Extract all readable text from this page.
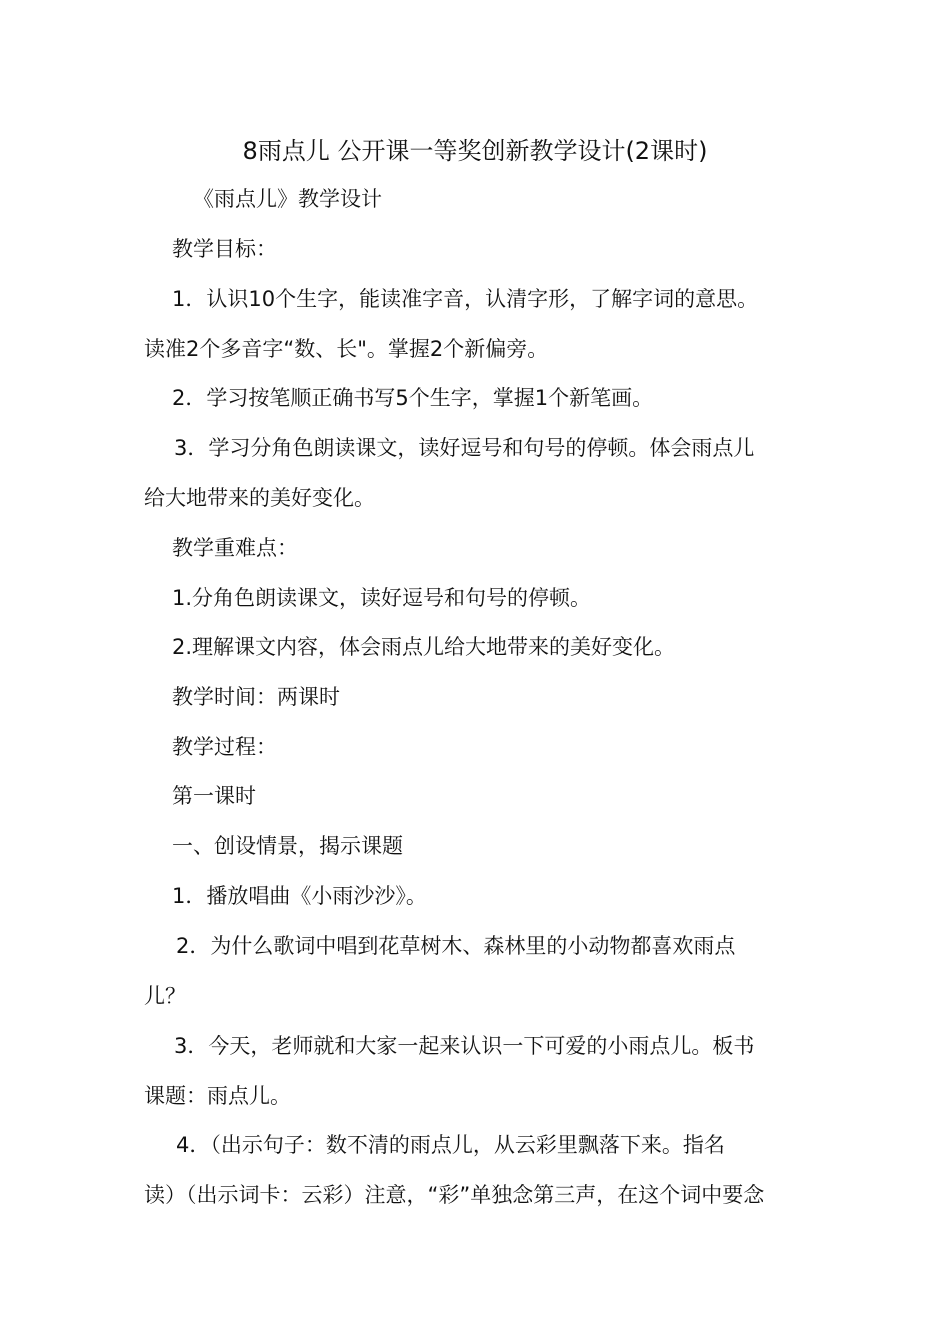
8雨点儿 公开课一等奖创新教学设计(2课时)
《雨点儿》教学设计
教学目标：
1．认识10个生字，能读准字音，认清字形，了解字词的意思。
读准2个多音字“数、长"。掌握2个新偏旁。
2．学习按笔顺正确书写5个生字，掌握1个新笔画。
3．学习分角色朗读课文，读好逗号和句号的停顿。体会雨点儿
给大地带来的美好变化。
教学重难点：
1.分角色朗读课文，读好逗号和句号的停顿。
2.理解课文内容，体会雨点儿给大地带来的美好变化。
教学时间：两课时
教学过程：
第一课时
一、创设情景，揭示课题
1．播放唱曲《小雨沙沙》。
2．为什么歌词中唱到花草树木、森林里的小动物都喜欢雨点
儿？
3．今天，老师就和大家一起来认识一下可爱的小雨点儿。板书
课题：雨点儿。
4．（出示句子：数不清的雨点儿，从云彩里飘落下来。指名
读）（出示词卡：云彩）注意，“彩”单独念第三声，在这个词中要念
